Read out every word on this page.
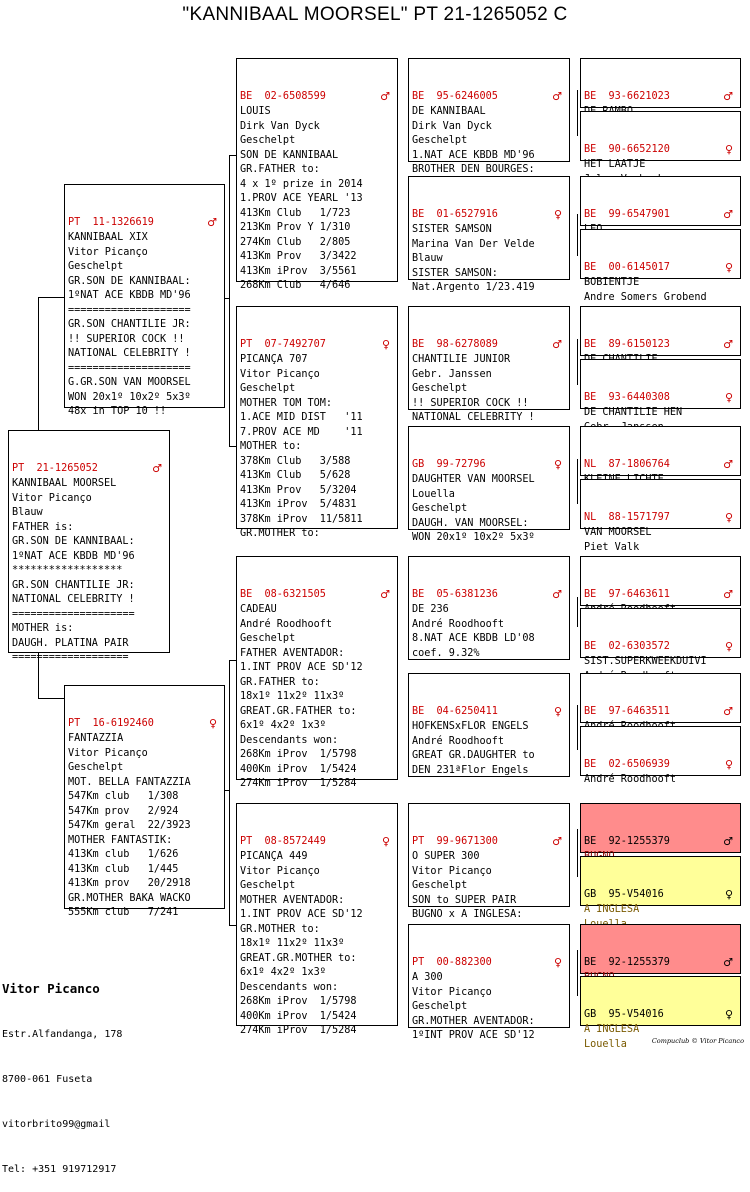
"KANNIBAAL MOORSEL" PT 21-1265052 C

PT  21-1265052	♂
KANNIBAAL MOORSEL
Vitor Picanço
Blauw
FATHER is:
GR.SON DE KANNIBAAL:
1ºNAT ACE KBDB MD'96
******************
GR.SON CHANTILIE JR:
NATIONAL CELEBRITY !
====================
MOTHER is:
DAUGH. PLATINA PAIR
===================

PT  11-1326619	♂
KANNIBAAL XIX
Vitor Picanço
Geschelpt
GR.SON DE KANNIBAAL:
1ºNAT ACE KBDB MD'96
====================
GR.SON CHANTILIE JR:
!! SUPERIOR COCK !!
NATIONAL CELEBRITY !
====================
G.GR.SON VAN MOORSEL
WON 20x1º 10x2º 5x3º
48x in TOP 10 !!

PT  16-6192460	♀
FANTAZZIA
Vitor Picanço
Geschelpt
MOT. BELLA FANTAZZIA
547Km club   1/308
547Km prov   2/924
547Km geral  22/3923
MOTHER FANTASTIK:
413Km club   1/626
413Km club   1/445
413Km prov   20/2918
GR.MOTHER BAKA WACKO
555Km club   7/241

BE  02-6508599	♂
LOUIS
Dirk Van Dyck
Geschelpt
SON DE KANNIBAAL
GR.FATHER to:
4 x 1º prize in 2014
1.PROV ACE YEARL '13
413Km Club   1/723
213Km Prov Y 1/310
274Km Club   2/805
413Km Prov   3/3422
413Km iProv  3/5561
268Km Club   4/646

PT  07-7492707	♀
PICANÇA 707
Vitor Picanço
Geschelpt
MOTHER TOM TOM:
1.ACE MID DIST   '11
7.PROV ACE MD    '11
MOTHER to:
378Km Club   3/588
413Km Club   5/628
413Km Prov   5/3204
413Km iProv  5/4831
378Km iProv  11/5811
GR.MOTHER to:

BE  08-6321505	♂
CADEAU
André Roodhooft
Geschelpt
FATHER AVENTADOR:
1.INT PROV ACE SD'12
GR.FATHER to:
18x1º 11x2º 11x3º
GREAT.GR.FATHER to:
6x1º 4x2º 1x3º
Descendants won:
268Km iProv  1/5798
400Km iProv  1/5424
274Km iProv  1/5284

PT  08-8572449	♀
PICANÇA 449
Vitor Picanço
Geschelpt
MOTHER AVENTADOR:
1.INT PROV ACE SD'12
GR.MOTHER to:
18x1º 11x2º 11x3º
GREAT.GR.MOTHER to:
6x1º 4x2º 1x3º
Descendants won:
268Km iProv  1/5798
400Km iProv  1/5424
274Km iProv  1/5284

BE  95-6246005	♂
DE KANNIBAAL
Dirk Van Dyck
Geschelpt
1.NAT ACE KBDB MD'96
BROTHER DEN BOURGES:

BE  01-6527916	♀
SISTER SAMSON
Marina Van Der Velde
Blauw
SISTER SAMSON:
Nat.Argento 1/23.419

BE  98-6278089	♂
CHANTILIE JUNIOR
Gebr. Janssen
Geschelpt
!! SUPERIOR COCK !!
NATIONAL CELEBRITY !

GB  99-72796	♀
DAUGHTER VAN MOORSEL
Louella
Geschelpt
DAUGH. VAN MOORSEL:
WON 20x1º 10x2º 5x3º

BE  05-6381236	♂
DE 236
André Roodhooft
8.NAT ACE KBDB LD'08
coef. 9.32%

BE  04-6250411	♀
HOFKENSxFLOR ENGELS
André Roodhooft
GREAT GR.DAUGHTER to
DEN 231ªFlor Engels

PT  99-9671300	♂
O SUPER 300
Vitor Picanço
Geschelpt
SON to SUPER PAIR
BUGNO x A INGLESA:

PT  00-882300	♀
A 300
Vitor Picanço
Geschelpt
GR.MOTHER AVENTADOR:
1ºINT PROV ACE SD'12

BE  93-6621023	♂

BE  90-6652120	♀
HET LAATJE

BE  99-6547901	♂

BE  00-6145017	♀
BOBIENTJE
Andre Somers Grobend

BE  89-6150123	♂

BE  93-6440308	♀
DE CHANTILIE HEN

NL  87-1806764	♂

NL  88-1571797	♀
VAN MOORSEL
Piet Valk

BE  97-6463611	♂

BE  02-6303572	♀
SIST.SUPERKWEEKDUIVI

BE  97-6463511	♂

BE  02-6506939	♀
André Roodhooft

BE  92-1255379	♂

GB  95-V54016	♀
A INGLESA

BE  92-1255379	♂

GB  95-V54016	♀
A INGLESA
Louella

Vitor Picanco

Estr.Alfandanga, 178

8700-061 Fuseta

vitorbrito99@gmail

Tel: +351 919712917

Compuclub © Vitor Picanco
